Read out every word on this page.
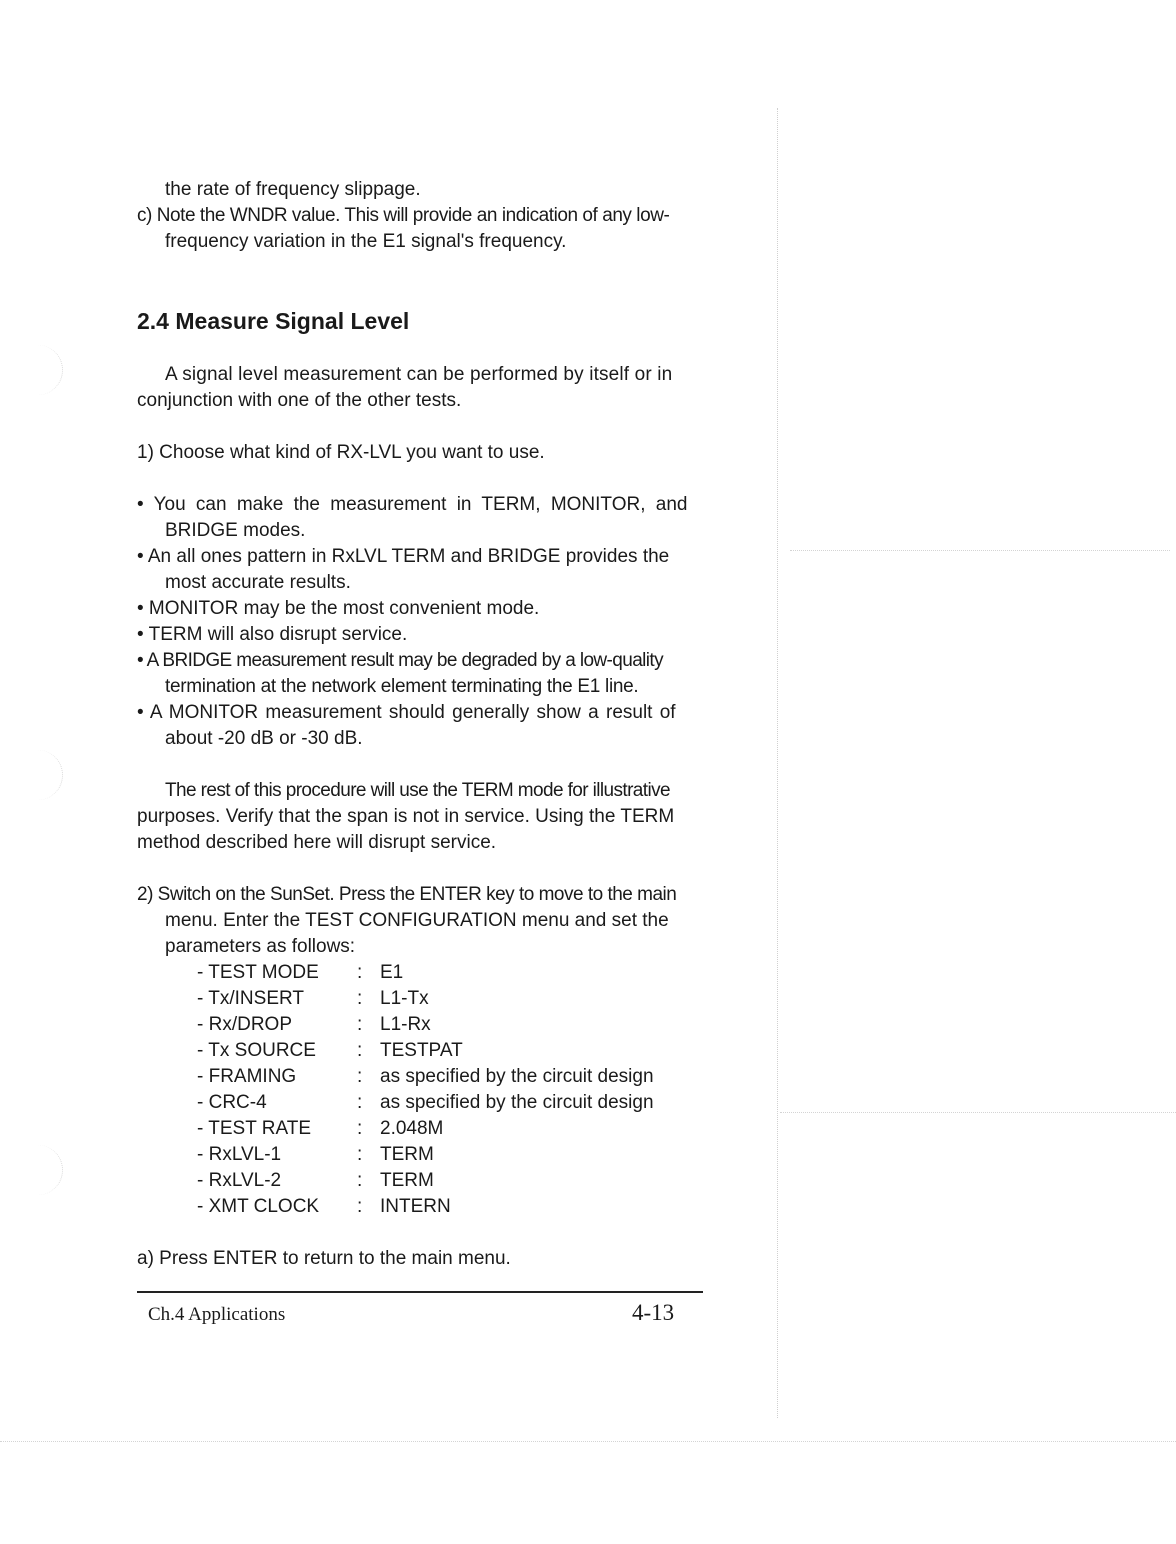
the rate of frequency slippage.
c) Note the WNDR value. This will provide an indication of any low-
frequency variation in the E1 signal's frequency.
2.4 Measure Signal Level
A signal level measurement can be performed by itself or in
conjunction with one of the other tests.
1) Choose what kind of RX-LVL you want to use.
• You can make the measurement in TERM, MONITOR, and
BRIDGE modes.
• An all ones pattern in RxLVL TERM and BRIDGE provides the
most accurate results.
• MONITOR may be the most convenient mode.
• TERM will also disrupt service.
• A BRIDGE measurement result may be degraded by a low-quality
termination at the network element terminating the E1 line.
• A MONITOR measurement should generally show a result of
about -20 dB or -30 dB.
The rest of this procedure will use the TERM mode for illustrative
purposes. Verify that the span is not in service. Using the TERM
method described here will disrupt service.
2) Switch on the SunSet. Press the ENTER key to move to the main
menu. Enter the TEST CONFIGURATION menu and set the
parameters as follows:
- TEST MODE : E1
- Tx/INSERT	: L1-Tx
- Rx/DROP	: L1-Rx
- Tx SOURCE : TESTPAT
- FRAMING	: as specified by the circuit design
- CRC-4	: as specified by the circuit design
- TEST RATE : 2.048M
- RxLVL-1	: TERM
- RxLVL-2	: TERM
- XMT CLOCK : INTERN
a) Press ENTER to return to the main menu.
Ch.4 Applications	4-13
